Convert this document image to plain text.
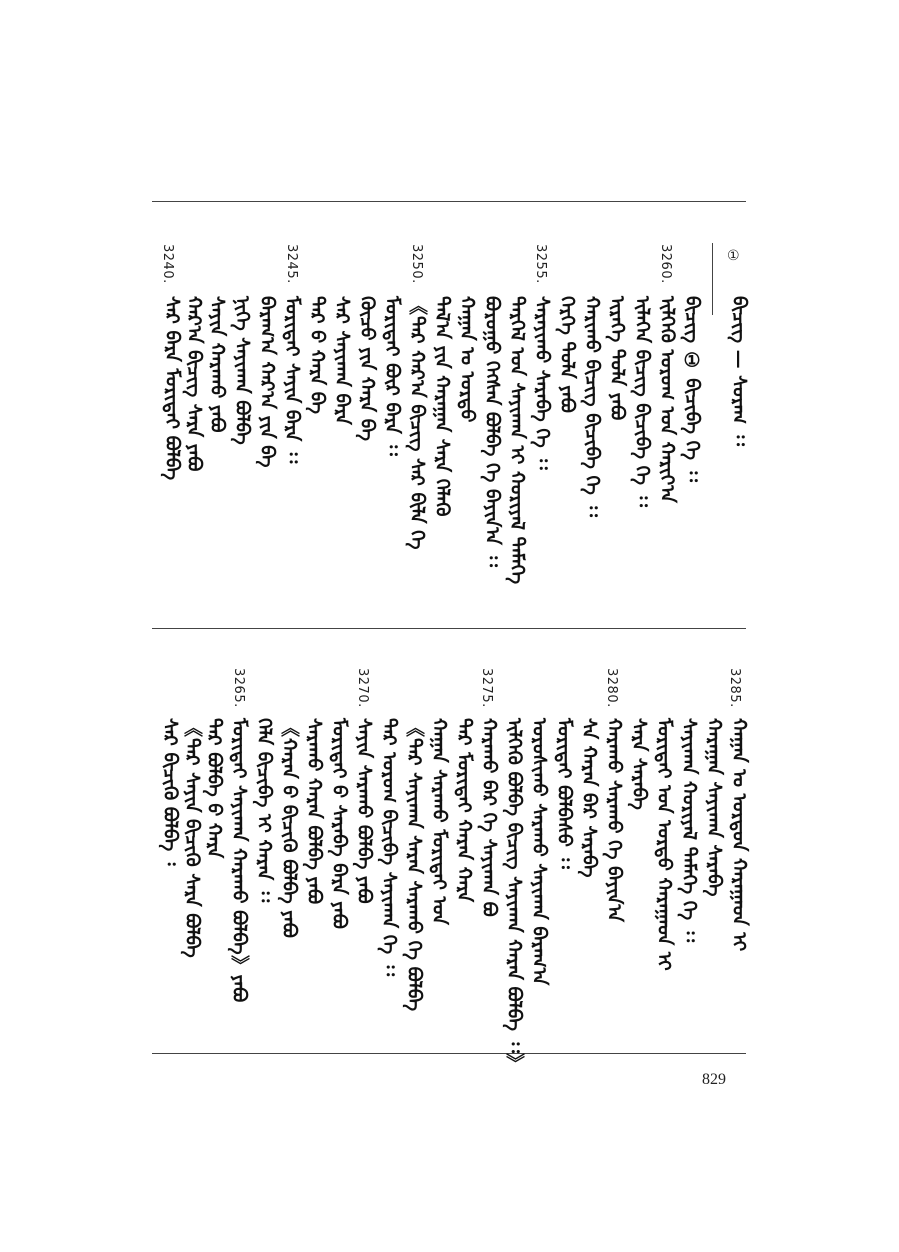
①
ᠪᠢᠴᠢᠭ᠌ — ᠰᠤᠷᠠᠭ ᠄᠄
3260.
3255.
3250.
3245.
3240.
ᠪᠢᠴᠢᠭ᠌ ① ᠪᠢᠴᠢᠪᠡ ᠬᠡ ᠄᠄
ᠢᠯᠭᠡᠬᠦ ᠤᠷᠤᠭ ᠤᠨ ᠬᠠᠷᠢᠶ᠎ᠠ
ᠢᠯᠡᠭᠡᠨ ᠪᠢᠴᠢᠭ᠌ ᠪᠢᠴᠢᠪᠡ ᠬᠡ ᠄᠄
ᠢᠷᠡᠭᠡ ᠲᠤᠯᠠ ᠶᠠᠪᠤ
ᠬᠠᠷᠢᠬᠤ ᠪᠢᠴᠢᠭ᠌ ᠪᠢᠴᠢᠪᠡ ᠬᠡ ᠄᠄
ᠬᠡᠷᠭᠡ ᠲᠤᠯᠠ ᠶᠠᠪᠤ
ᠰᠠᠷᠠᠶᠢᠬᠤ ᠰᠠᠷᠠᠪᠠ ᠬᠡ ᠄᠄
ᠲᠡᠷᠭᠡᠯ ᠤᠨ ᠰᠠᠶᠢᠬᠠᠨ ᠢ ᠬᠤᠷᠢᠶᠠᠯ ᠲᠡᠮᠡᠭᠡ
ᠪᠤᠷᠤᠭᠤ ᠬᠡᠭᠰᠡᠨ ᠪᠣᠯᠪᠠ ᠬᠡ ᠪᠠᠶᠢᠨ᠎ᠠ ᠄᠄
ᠬᠠᠭᠠᠨ ᠤ ᠣᠷᠳᠤ
ᠲᠠᠯ᠎ᠠ ᠶᠢᠨ ᠬᠠᠷᠠᠭᠠᠨ ᠰᠠᠷᠠ ᠬᠡᠯᠡᠬᠦ
《ᠲᠡᠷ ᠬᠠᠷ᠎ᠠ ᠪᠢᠴᠢᠭ᠌ ᠰᠡᠷ ᠪᠢᠯᠡ ᠬᠡ
ᠮᠣᠷᠢᠲᠠᠢ ᠪᠦᠷ ᠪᠠᠷᠠ ᠄᠄
ᠬᠦᠴᠦ ᠶᠢᠨ ᠬᠠᠷᠠ ᠪᠠ
ᠰᠡᠷ ᠰᠠᠶᠢᠬᠠᠨ ᠪᠠᠷᠠ
ᠲᠡᠷ ᠪ ᠬᠠᠷᠠ ᠪᠠ
ᠮᠣᠷᠢᠲᠠᠢ ᠰᠠᠶᠢᠨ ᠪᠠᠷᠠ ᠄᠄
ᠪᠠᠷᠠᠭ᠎ᠠ ᠬᠠᠷ᠎ᠠ ᠶᠢᠨ ᠪᠠ
ᠨᠢᠭᠡ ᠰᠠᠶᠢᠬᠠᠨ ᠪᠣᠯᠪᠠ
ᠰᠠᠶᠢᠨ ᠬᠠᠷᠠᠬᠤ ᠶᠠᠪᠤ
ᠬᠠᠷ᠎ᠠ ᠪᠢᠴᠢᠭ᠌ ᠰᠠᠷᠠ ᠶᠠᠪᠤ
ᠰᠡᠷ ᠪᠠᠷᠠ ᠮᠣᠷᠢᠲᠠᠢ ᠪᠣᠯᠪᠠ
3285.
3280.
3275.
3270.
3265.
ᠬᠠᠭᠠᠨ ᠤ ᠣᠷᠳᠤᠨ ᠬᠠᠷᠠᠭᠠᠳ ᠢ
ᠬᠠᠷᠠᠭᠠᠨ ᠰᠠᠶᠢᠬᠠᠨ ᠰᠠᠷᠠᠪᠠ
ᠰᠠᠶᠢᠬᠠᠨ ᠬᠤᠷᠢᠶᠠᠯ ᠲᠡᠮᠡᠭᠡ ᠬᠡ ᠄᠄
ᠮᠣᠷᠢᠲᠠᠢ ᠤᠨ ᠣᠷᠳᠤ ᠬᠠᠷᠠᠭᠠᠳ ᠢ
ᠰᠠᠷᠠ ᠰᠠᠷᠠᠪᠠ
ᠬᠠᠷᠠᠬᠤ ᠰᠠᠷᠠᠬᠤ ᠬᠡ ᠪᠠᠶᠢᠨ᠎ᠠ
ᠰᠠ ᠬᠠᠷᠠᠨ ᠪᠠᠷ ᠰᠠᠷᠠᠪᠠ
ᠮᠣᠷᠢᠲᠠᠢ ᠪᠣᠯᠪᠠᠰᠤ ᠄᠄
ᠣᠷᠤᠰᠢᠬᠤ ᠰᠠᠷᠠᠬᠤ ᠰᠠᠶᠢᠬᠠᠨ ᠪᠠᠷᠠᠭ᠎ᠠ
ᠢᠯᠭᠡᠬᠦ ᠪᠣᠯᠪᠠ ᠪᠢᠴᠢᠭ᠌ ᠰᠠᠶᠢᠬᠠᠨ ᠬᠠᠷᠠᠨ ᠪᠣᠯᠪᠠ ᠄᠄》
ᠬᠠᠷᠠᠬᠤ ᠪᠠᠷ ᠬᠡ ᠰᠠᠶᠢᠬᠠᠨ ᠪᠣ
ᠲᠡᠷ ᠮᠣᠷᠢᠲᠠᠢ ᠬᠠᠷᠠᠨ ᠬᠠᠷᠠ
ᠬᠠᠭᠠᠨ ᠰᠠᠷᠠᠬᠤ ᠮᠣᠷᠢᠲᠠᠢ ᠤᠨ
《ᠲᠡᠷ ᠰᠠᠶᠢᠬᠠᠨ ᠰᠠᠷᠠᠨ ᠰᠠᠷᠠᠬᠤ ᠬᠡ ᠪᠣᠯᠪᠠ
ᠲᠡᠷ ᠣᠷᠤᠭ ᠪᠢᠴᠢᠪᠡ ᠰᠠᠶᠢᠬᠠᠨ ᠬᠡ ᠄᠄
ᠰᠠᠶᠢᠨ ᠰᠠᠷᠠᠬᠤ ᠪᠣᠯᠪᠠ ᠶᠠᠪᠤ
ᠮᠣᠷᠢᠲᠠᠢ ᠪ ᠰᠠᠷᠠᠪᠠ ᠪᠠᠷᠠ ᠶᠠᠪᠤ
ᠰᠠᠷᠠᠬᠤ ᠬᠠᠷᠠᠨ ᠪᠣᠯᠪᠠ ᠶᠠᠪᠤ
《ᠬᠠᠷᠠᠨ ᠪ ᠪᠢᠴᠢᠬᠦ ᠪᠣᠯᠪᠠ ᠶᠠᠪᠤ
ᠬᠡᠯᠡ ᠪᠢᠴᠢᠪᠡ ᠢ ᠬᠠᠷᠠᠨ ᠄᠄
ᠮᠣᠷᠢᠲᠠᠢ ᠰᠠᠶᠢᠬᠠᠨ ᠬᠠᠷᠠᠬᠤ ᠪᠣᠯᠪᠠ》ᠶᠠᠪᠤ
ᠲᠡᠷ ᠪᠣᠯᠪᠠ ᠪ ᠬᠠᠷᠠ
《ᠲᠡᠷ ᠰᠠᠶᠢᠨ ᠪᠢᠴᠢᠬᠦ ᠰᠠᠷᠠ ᠪᠣᠯᠪᠠ
ᠰᠡᠷ ᠪᠢᠴᠢᠬᠦ ᠪᠣᠯᠪᠠ ᠄
829
